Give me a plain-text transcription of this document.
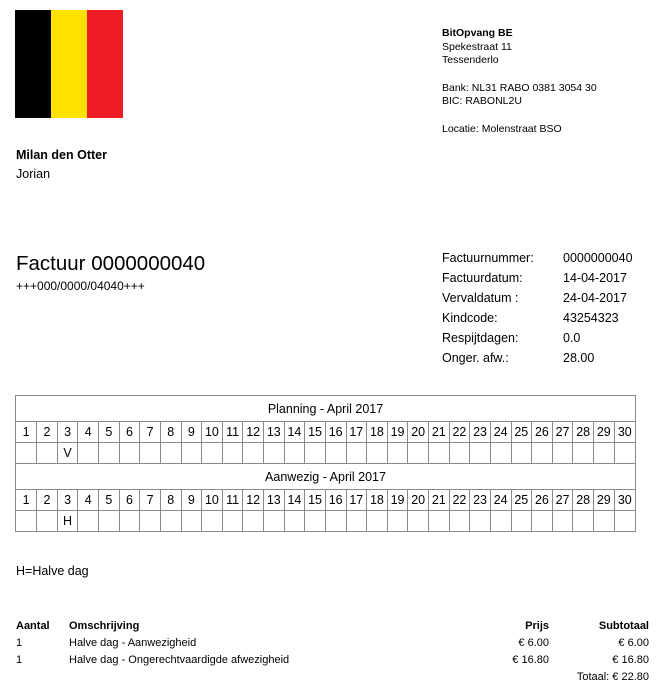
BitOpvang BE
Spekestraat 11
Tessenderlo
Bank: NL31 RABO 0381 3054 30
BIC: RABONL2U
Locatie: Molenstraat BSO
Milan den Otter
Jorian
Factuur 0000000040
+++000/0000/04040+++
Factuurnummer:	0000000040
Factuurdatum:	14-04-2017
Vervaldatum :	24-04-2017
Kindcode:	43254323
Respijtdagen:	0.0
Onger. afw.:	28.00
Planning - April 2017																													
1	2	3	4	5	6	7	8	9	10	11	12	13	14	15	16	17	18	19	20	21	22	23	24	25	26	27	28	29	30
		V																											
Aanwezig - April 2017																													
1	2	3	4	5	6	7	8	9	10	11	12	13	14	15	16	17	18	19	20	21	22	23	24	25	26	27	28	29	30
		H																											
H=Halve dag
Aantal	Omschrijving	Prijs	Subtotaal
1	Halve dag - Aanwezigheid	€ 6.00	€ 6.00
1	Halve dag - Ongerechtvaardigde afwezigheid	€ 16.80	€ 16.80
Totaal: € 22.80
